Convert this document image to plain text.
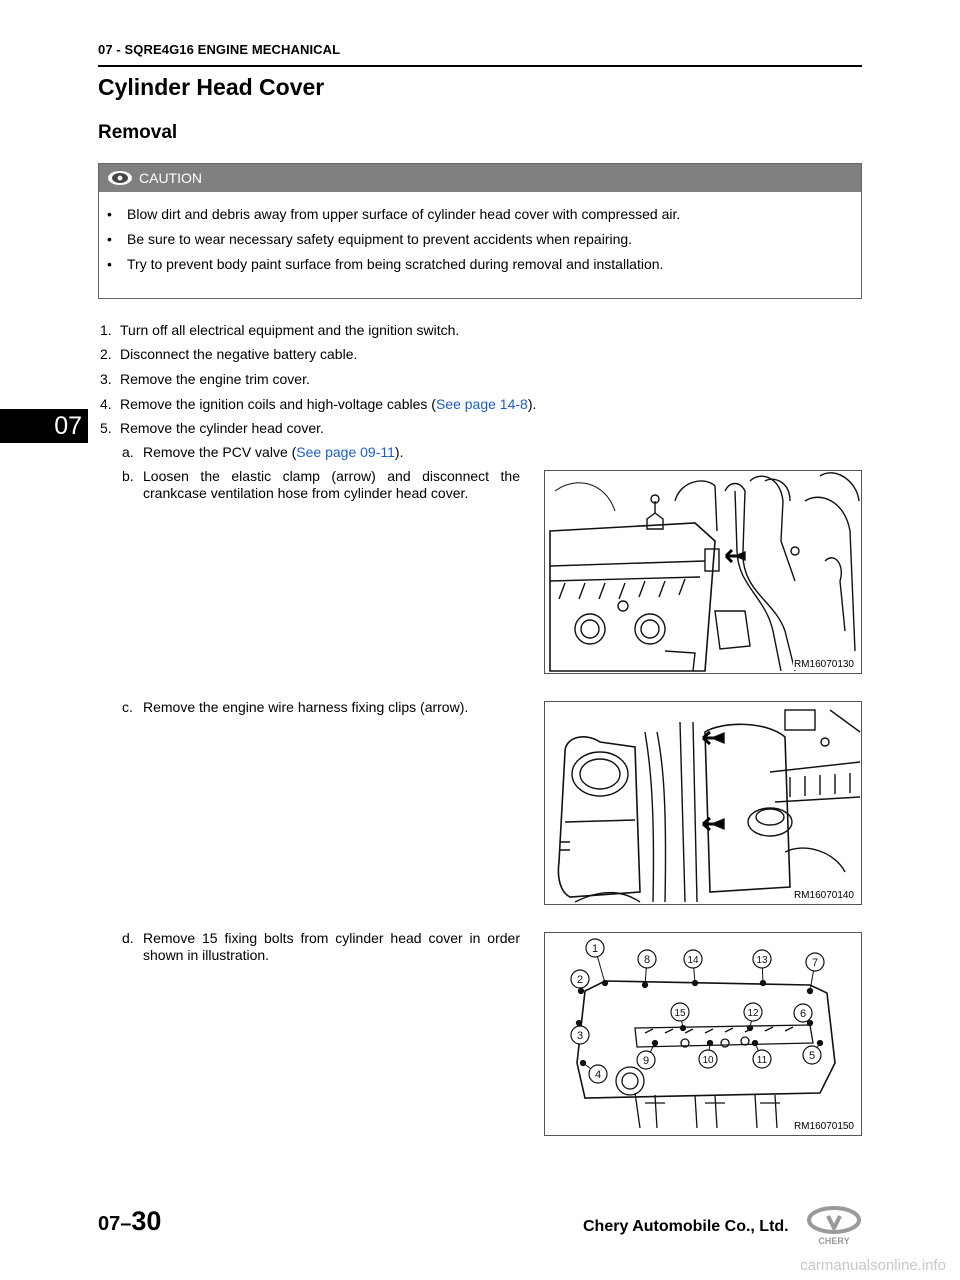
07 - SQRE4G16 ENGINE MECHANICAL
Cylinder Head Cover
Removal
07
CAUTION
•	Blow dirt and debris away from upper surface of cylinder head cover with compressed air.
•	Be sure to wear necessary safety equipment to prevent accidents when repairing.
•	Try to prevent body paint surface from being scratched during removal and installation.
1. Turn off all electrical equipment and the ignition switch.
2. Disconnect the negative battery cable.
3. Remove the engine trim cover.
4. Remove the ignition coils and high-voltage cables (See page 14-8).
5. Remove the cylinder head cover.
a. Remove the PCV valve (See page 09-11).
b. Loosen the elastic clamp (arrow) and disconnect the crankcase ventilation hose from cylinder head cover.
c. Remove the engine wire harness fixing clips (arrow).
d. Remove 15 fixing bolts from cylinder head cover in order shown in illustration.
RM16070130
RM16070140
1
2
3
4
5
6
7
8
9	10	11
12
13
14
15
RM16070150
07–30	Chery Automobile Co., Ltd.
CHERY
carmanualsonline.info
